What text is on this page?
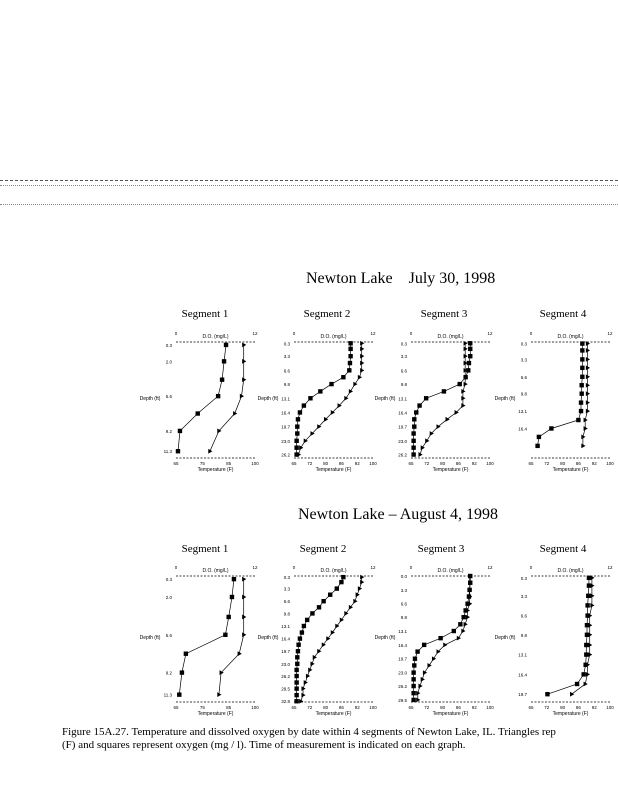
Newton Lake    July 30, 1998
Newton Lake – August 4, 1998
Segment 1	Segment 2	Segment 3	Segment 4
Segment 1	Segment 2	Segment 3	Segment 4
D.O. (mg/L)
0	12
65	75	85	100
Temperature (F)
0.3
2.0
5.6
9.2
11.3
Depth (ft)
D.O. (mg/L)
0	12
65 72 80 86 92 100
Temperature (F)
0.3
3.3
6.6
9.8
13.1
16.4
19.7
23.0
26.2
Depth (ft)
D.O. (mg/L)
0	12
65 72 80 86 92 100
Temperature (F)
0.3
3.3
6.6
9.8
13.1
16.4
19.7
23.0
26.2
Depth (ft)
D.O. (mg/L)
0	12
65 72 80 86 92 100
Temperature (F)
0.3
3.3
6.6
9.8
13.1
16.4
Depth (ft)
D.O. (mg/L)
0	12
65	75	85	100
Temperature (F)
0.3
2.0
5.6
9.2
11.3
Depth (ft)
D.O. (mg/L)
0	12
65 72 80 86 92 100
Temperature (F)
0.3
3.3
6.6
9.8
13.1
16.4
19.7
23.0
26.2
29.5
32.8
Depth (ft)
D.O. (mg/L)
0	12
65 72 80 86 92 100
Temperature (F)
0.0
3.3
6.6
9.8
13.1
16.4
19.7
23.0
26.2
29.5
Depth (ft)
D.O. (mg/L)
0	12
65 72 80 86 92 100
Temperature (F)
0.3
3.3
6.6
9.8
13.1
16.4
19.7
Depth (ft)
Figure 15A.27. Temperature and dissolved oxygen by date within 4 segments of Newton Lake, IL. Triangles rep
(F) and squares represent oxygen (mg / l). Time of measurement is indicated on each graph.
